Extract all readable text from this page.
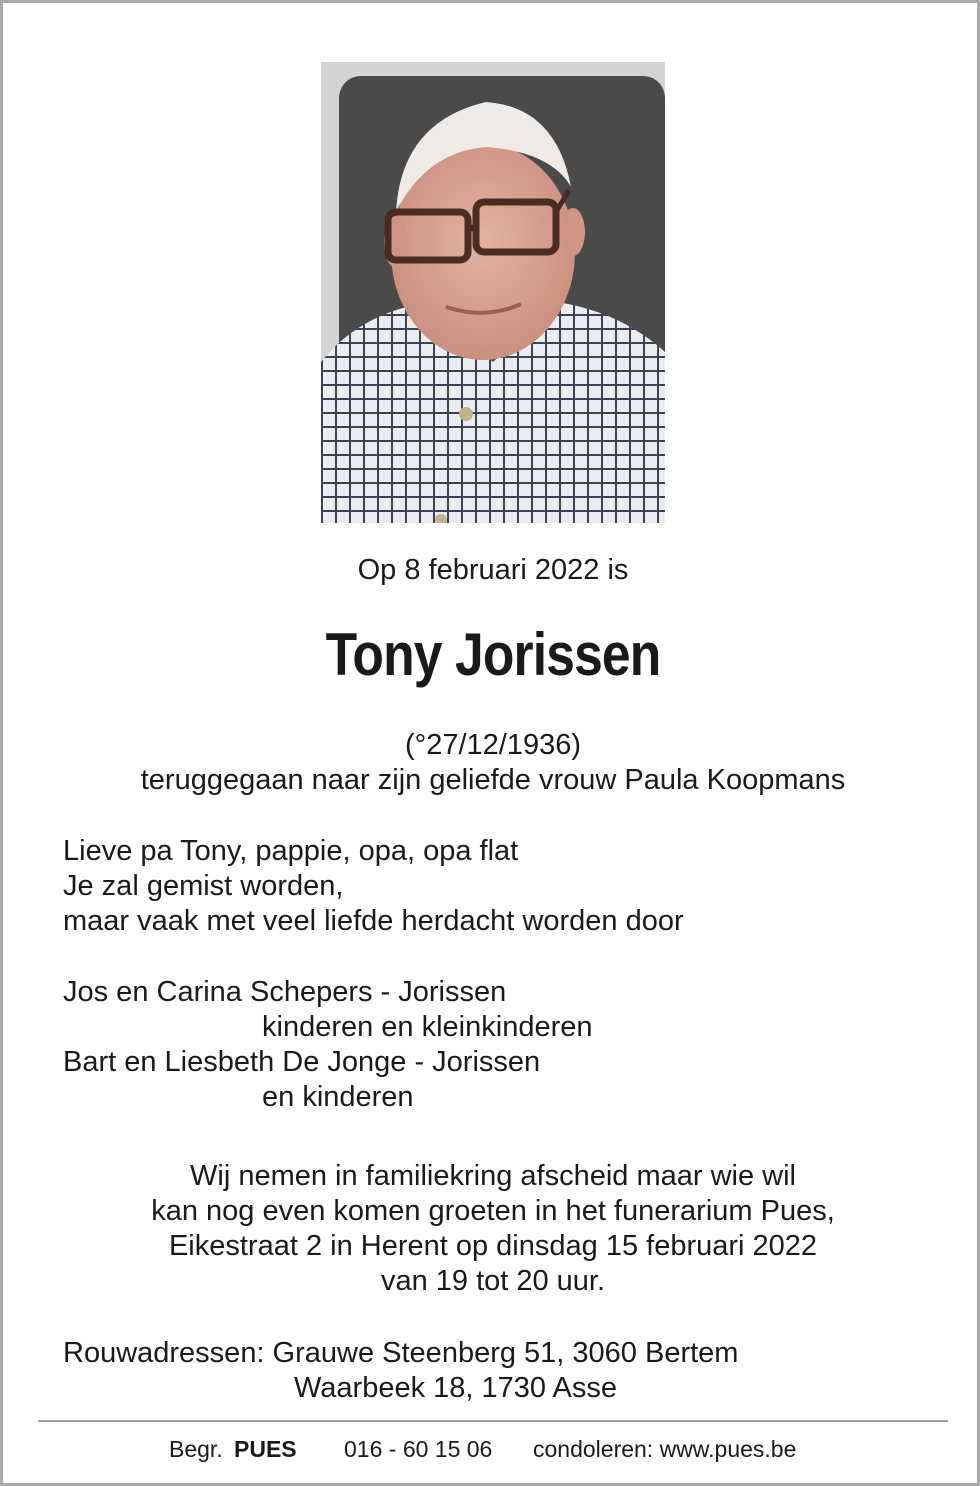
Op 8 februari 2022 is
Tony Jorissen
(°27/12/1936)
teruggegaan naar zijn geliefde vrouw Paula Koopmans
Lieve pa Tony, pappie, opa, opa flat
Je zal gemist worden,
maar vaak met veel liefde herdacht worden door
Jos en Carina Schepers - Jorissen
kinderen en kleinkinderen
Bart en Liesbeth De Jonge - Jorissen
en kinderen
Wij nemen in familiekring afscheid maar wie wil
kan nog even komen groeten in het funerarium Pues,
Eikestraat 2 in Herent op dinsdag 15 februari 2022
van 19 tot 20 uur.
Rouwadressen: Grauwe Steenberg 51, 3060 Bertem
Waarbeek 18, 1730 Asse
Begr. PUES 016 - 60 15 06 condoleren: www.pues.be
